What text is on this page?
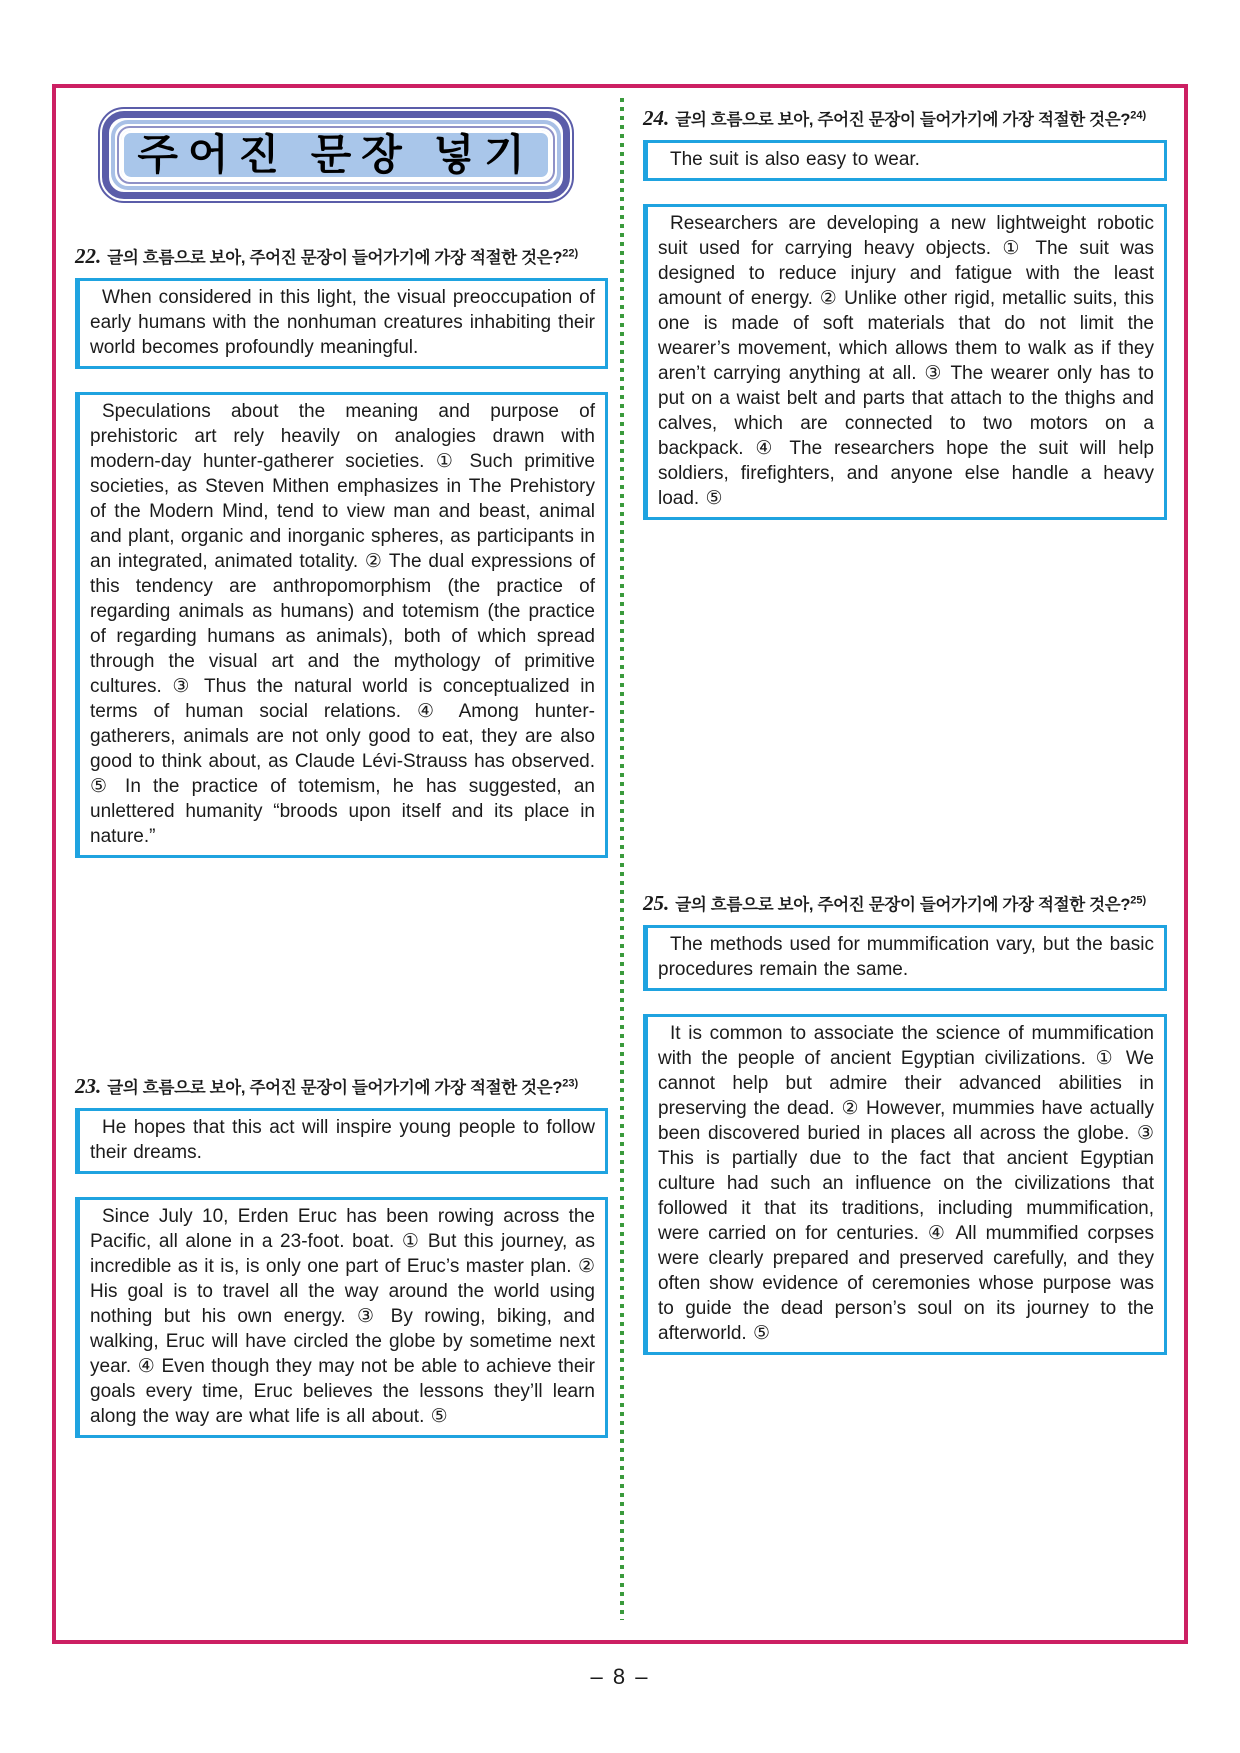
주어진 문장 넣기
22. 글의 흐름으로 보아, 주어진 문장이 들어가기에 가장 적절한 것은?$^{22)}$

When considered in this light, the visual preoccupation of early humans with the nonhuman creatures inhabiting their world becomes profoundly meaningful.

Speculations about the meaning and purpose of prehistoric art rely heavily on analogies drawn with modern-day hunter-gatherer societies. ① Such primitive societies, as Steven Mithen emphasizes in The Prehistory of the Modern Mind, tend to view man and beast, animal and plant, organic and inorganic spheres, as participants in an integrated, animated totality. ② The dual expressions of this tendency are anthropomorphism (the practice of regarding animals as humans) and totemism (the practice of regarding humans as animals), both of which spread through the visual art and the mythology of primitive cultures. ③ Thus the natural world is conceptualized in terms of human social relations. ④ Among hunter-gatherers, animals are not only good to eat, they are also good to think about, as Claude Lévi-Strauss has observed. ⑤ In the practice of totemism, he has suggested, an unlettered humanity “broods upon itself and its place in nature.”

23. 글의 흐름으로 보아, 주어진 문장이 들어가기에 가장 적절한 것은?$^{23)}$

He hopes that this act will inspire young people to follow their dreams.

Since July 10, Erden Eruc has been rowing across the Pacific, all alone in a 23-foot. boat. ① But this journey, as incredible as it is, is only one part of Eruc’s master plan. ② His goal is to travel all the way around the world using nothing but his own energy. ③ By rowing, biking, and walking, Eruc will have circled the globe by sometime next year. ④ Even though they may not be able to achieve their goals every time, Eruc believes the lessons they’ll learn along the way are what life is all about. ⑤

24. 글의 흐름으로 보아, 주어진 문장이 들어가기에 가장 적절한 것은?$^{24)}$

The suit is also easy to wear.

Researchers are developing a new lightweight robotic suit used for carrying heavy objects. ① The suit was designed to reduce injury and fatigue with the least amount of energy. ② Unlike other rigid, metallic suits, this one is made of soft materials that do not limit the wearer’s movement, which allows them to walk as if they aren’t carrying anything at all. ③ The wearer only has to put on a waist belt and parts that attach to the thighs and calves, which are connected to two motors on a backpack. ④ The researchers hope the suit will help soldiers, firefighters, and anyone else handle a heavy load. ⑤

25. 글의 흐름으로 보아, 주어진 문장이 들어가기에 가장 적절한 것은?$^{25)}$

The methods used for mummification vary, but the basic procedures remain the same.

It is common to associate the science of mummification with the people of ancient Egyptian civilizations. ① We cannot help but admire their advanced abilities in preserving the dead. ② However, mummies have actually been discovered buried in places all across the globe. ③ This is partially due to the fact that ancient Egyptian culture had such an influence on the civilizations that followed it that its traditions, including mummification, were carried on for centuries. ④ All mummified corpses were clearly prepared and preserved carefully, and they often show evidence of ceremonies whose purpose was to guide the dead person’s soul on its journey to the afterworld. ⑤

– 8 –
